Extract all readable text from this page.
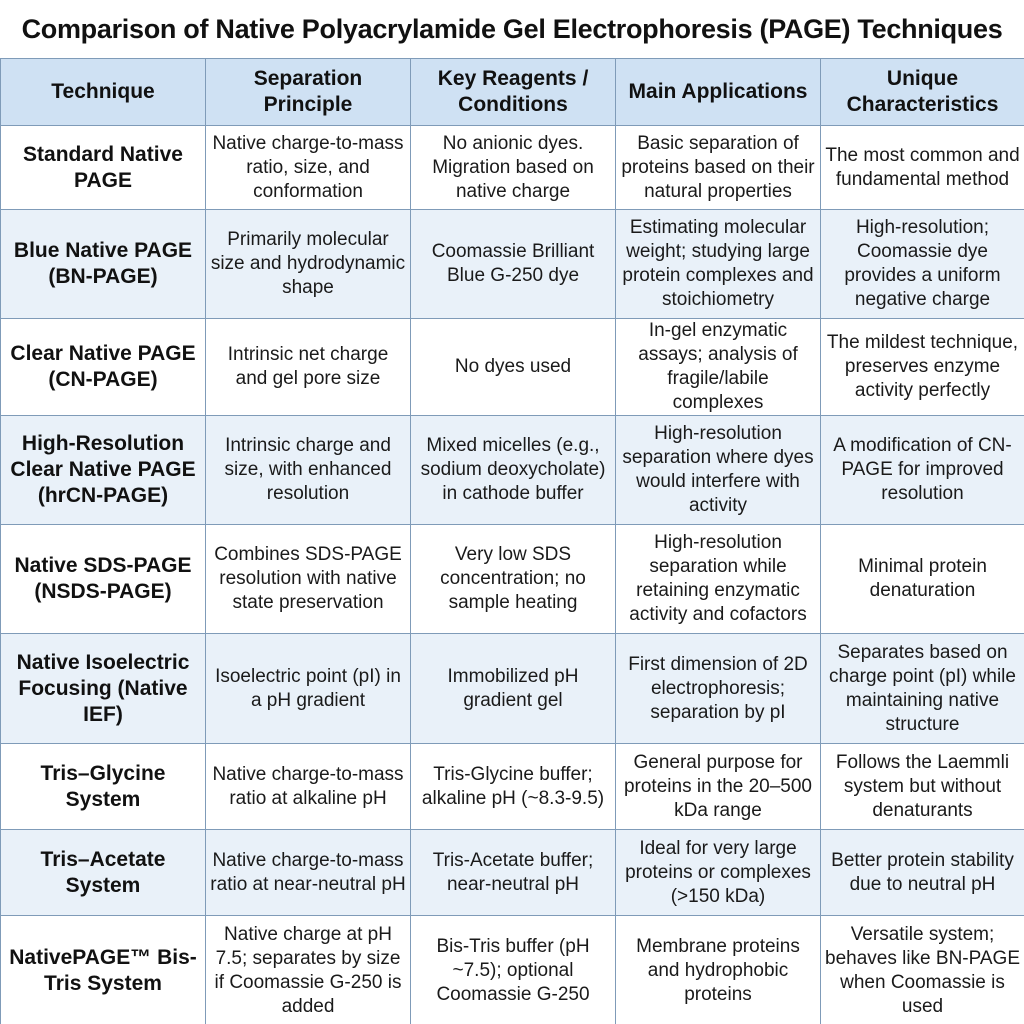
Comparison of Native Polyacrylamide Gel Electrophoresis (PAGE) Techniques
Technique	Separation Principle	Key Reagents / Conditions	Main Applications	Unique Characteristics
Standard Native PAGE	Native charge-to-mass ratio, size, and conformation	No anionic dyes. Migration based on native charge	Basic separation of proteins based on their natural properties	The most common and fundamental method
Blue Native PAGE (BN-PAGE)	Primarily molecular size and hydrodynamic shape	Coomassie Brilliant Blue G-250 dye	Estimating molecular weight; studying large protein complexes and stoichiometry	High-resolution; Coomassie dye provides a uniform negative charge
Clear Native PAGE (CN-PAGE)	Intrinsic net charge and gel pore size	No dyes used	In-gel enzymatic assays; analysis of fragile/labile complexes	The mildest technique, preserves enzyme activity perfectly
High-Resolution Clear Native PAGE (hrCN-PAGE)	Intrinsic charge and size, with enhanced resolution	Mixed micelles (e.g., sodium deoxycholate) in cathode buffer	High-resolution separation where dyes would interfere with activity	A modification of CN-PAGE for improved resolution
Native SDS-PAGE (NSDS-PAGE)	Combines SDS-PAGE resolution with native state preservation	Very low SDS concentration; no sample heating	High-resolution separation while retaining enzymatic activity and cofactors	Minimal protein denaturation
Native Isoelectric Focusing (Native IEF)	Isoelectric point (pI) in a pH gradient	Immobilized pH gradient gel	First dimension of 2D electrophoresis; separation by pI	Separates based on charge point (pI) while maintaining native structure
Tris–Glycine System	Native charge-to-mass ratio at alkaline pH	Tris-Glycine buffer; alkaline pH (~8.3-9.5)	General purpose for proteins in the 20–500 kDa range	Follows the Laemmli system but without denaturants
Tris–Acetate System	Native charge-to-mass ratio at near-neutral pH	Tris-Acetate buffer; near-neutral pH	Ideal for very large proteins or complexes (>150 kDa)	Better protein stability due to neutral pH
NativePAGE™ Bis-Tris System	Native charge at pH 7.5; separates by size if Coomassie G-250 is added	Bis-Tris buffer (pH ~7.5); optional Coomassie G-250	Membrane proteins and hydrophobic proteins	Versatile system; behaves like BN-PAGE when Coomassie is used
